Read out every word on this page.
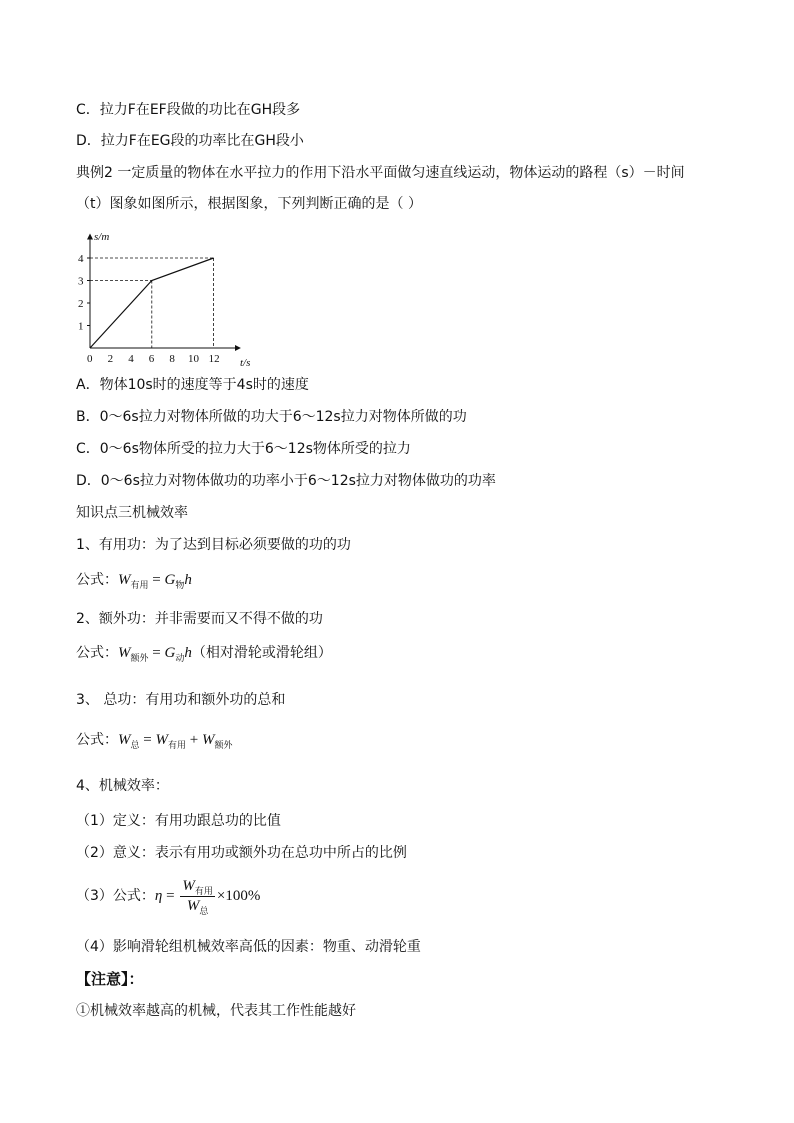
C．拉力F在EF段做的功比在GH段多
D．拉力F在EG段的功率比在GH段小
典例2 一定质量的物体在水平拉力的作用下沿水平面做匀速直线运动，物体运动的路程（s）－时间
（t）图象如图所示，根据图象，下列判断正确的是（ ）
0 2 4 6 8 10 12
1
2
3
4
s/m
t/s
A．物体10s时的速度等于4s时的速度
B．0～6s拉力对物体所做的功大于6～12s拉力对物体所做的功
C．0～6s物体所受的拉力大于6～12s物体所受的拉力
D．0～6s拉力对物体做功的功率小于6～12s拉力对物体做功的功率
知识点三机械效率
1、有用功：为了达到目标必须要做的功的功
公式：$W_{有用} = G_物h$
2、额外功：并非需要而又不得不做的功
公式：$W_{额外} = G_动h$（相对滑轮或滑轮组）
3、 总功：有用功和额外功的总和
公式：$W_总 = W_{有用} + W_{额外}$
4、机械效率：
（1）定义：有用功跟总功的比值
（2）意义：表示有用功或额外功在总功中所占的比例
（3）公式：$\eta = \frac{W_{有用}}{W_总} \times 100\%$
（4）影响滑轮组机械效率高低的因素：物重、动滑轮重
【注意】：
①机械效率越高的机械，代表其工作性能越好
